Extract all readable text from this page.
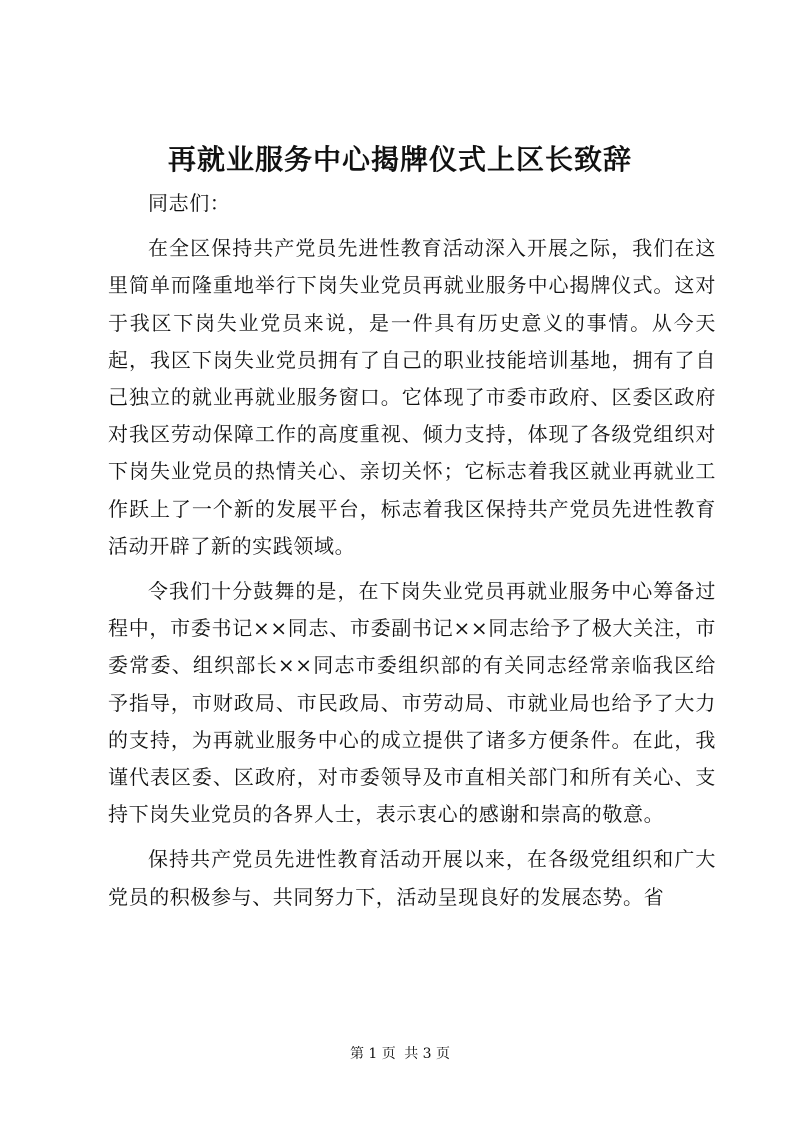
再就业服务中心揭牌仪式上区长致辞

同志们：

在全区保持共产党员先进性教育活动深入开展之际，我们在这里简单而隆重地举行下岗失业党员再就业服务中心揭牌仪式。这对于我区下岗失业党员来说，是一件具有历史意义的事情。从今天起，我区下岗失业党员拥有了自己的职业技能培训基地，拥有了自己独立的就业再就业服务窗口。它体现了市委市政府、区委区政府对我区劳动保障工作的高度重视、倾力支持，体现了各级党组织对下岗失业党员的热情关心、亲切关怀；它标志着我区就业再就业工作跃上了一个新的发展平台，标志着我区保持共产党员先进性教育活动开辟了新的实践领域。

令我们十分鼓舞的是，在下岗失业党员再就业服务中心筹备过程中，市委书记××同志、市委副书记××同志给予了极大关注，市委常委、组织部长××同志市委组织部的有关同志经常亲临我区给予指导，市财政局、市民政局、市劳动局、市就业局也给予了大力的支持，为再就业服务中心的成立提供了诸多方便条件。在此，我谨代表区委、区政府，对市委领导及市直相关部门和所有关心、支持下岗失业党员的各界人士，表示衷心的感谢和崇高的敬意。

保持共产党员先进性教育活动开展以来，在各级党组织和广大党员的积极参与、共同努力下，活动呈现良好的发展态势。省

第 1 页 共 3 页
